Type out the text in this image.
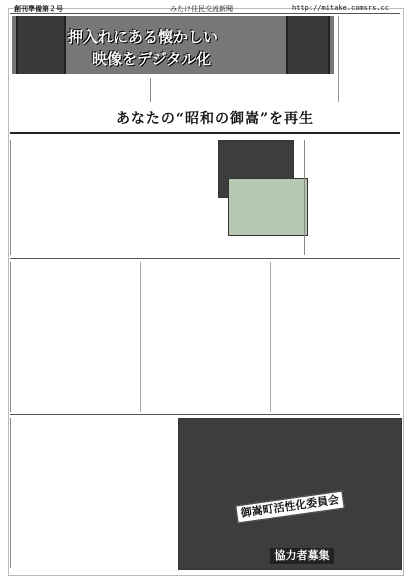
創刊準備第２号	みたけ住民交流新聞	http://mitake.comsrs.cc
押入れにある懐かしい
映像をデジタル化
あなたの“昭和の御嵩”を再生
御嵩町活性化委員会
協力者募集
